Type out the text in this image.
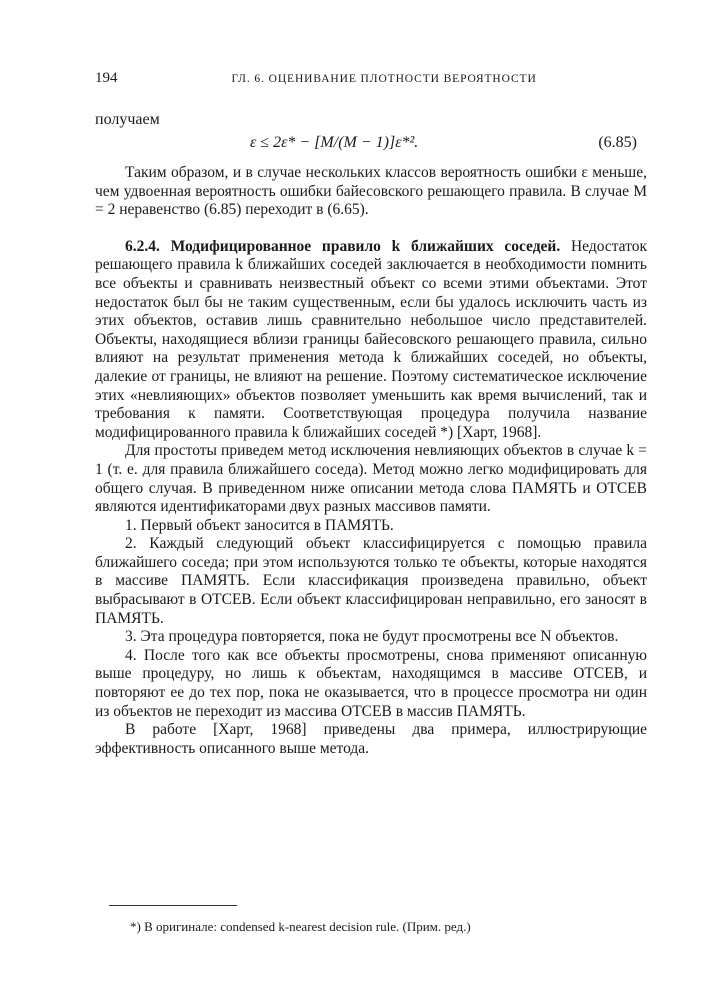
194	ГЛ. 6. ОЦЕНИВАНИЕ ПЛОТНОСТИ ВЕРОЯТНОСТИ
получаем
ε ≤ 2ε* − [M/(M − 1)]ε*².	(6.85)

Таким образом, и в случае нескольких классов вероятность ошибки ε меньше, чем удвоенная вероятность ошибки байесовского решающего правила. В случае M = 2 неравенство (6.85) переходит в (6.65).

6.2.4. Модифицированное правило k ближайших соседей. Недостаток решающего правила k ближайших соседей заключается в необходимости помнить все объекты и сравнивать неизвестный объект со всеми этими объектами. Этот недостаток был бы не таким существенным, если бы удалось исключить часть из этих объектов, оставив лишь сравнительно небольшое число представителей. Объекты, находящиеся вблизи границы байесовского решающего правила, сильно влияют на результат применения метода k ближайших соседей, но объекты, далекие от границы, не влияют на решение. Поэтому систематическое исключение этих «невлияющих» объектов позволяет уменьшить как время вычислений, так и требования к памяти. Соответствующая процедура получила название модифицированного правила k ближайших соседей *) [Харт, 1968].

Для простоты приведем метод исключения невлияющих объектов в случае k = 1 (т. е. для правила ближайшего соседа). Метод можно легко модифицировать для общего случая. В приведенном ниже описании метода слова ПАМЯТЬ и ОТСЕВ являются идентификаторами двух разных массивов памяти.

1. Первый объект заносится в ПАМЯТЬ.

2. Каждый следующий объект классифицируется с помощью правила ближайшего соседа; при этом используются только те объекты, которые находятся в массиве ПАМЯТЬ. Если классификация произведена правильно, объект выбрасывают в ОТСЕВ. Если объект классифицирован неправильно, его заносят в ПАМЯТЬ.

3. Эта процедура повторяется, пока не будут просмотрены все N объектов.

4. После того как все объекты просмотрены, снова применяют описанную выше процедуру, но лишь к объектам, находящимся в массиве ОТСЕВ, и повторяют ее до тех пор, пока не оказывается, что в процессе просмотра ни один из объектов не переходит из массива ОТСЕВ в массив ПАМЯТЬ.

В работе [Харт, 1968] приведены два примера, иллюстрирующие эффективность описанного выше метода.

*) В оригинале: condensed k-nearest decision rule. (Прим. ред.)
